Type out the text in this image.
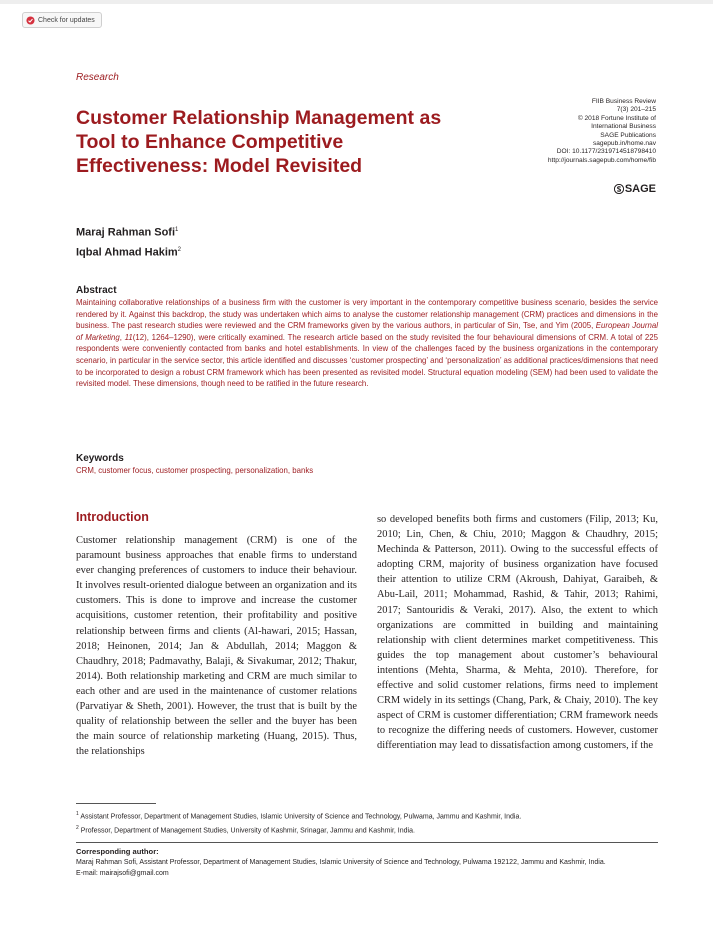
Check for updates
Research
Customer Relationship Management as Tool to Enhance Competitive Effectiveness: Model Revisited
FIIB Business Review
7(3) 201–215
© 2018 Fortune Institute of
International Business
SAGE Publications
sagepub.in/home.nav
DOI: 10.1177/2319714518798410
http://journals.sagepub.com/home/fib
SAGE
Maraj Rahman Sofi$^1$
Iqbal Ahmad Hakim$^2$
Abstract

Maintaining collaborative relationships of a business firm with the customer is very important in the contemporary competitive business scenario, besides the service rendered by it. Against this backdrop, the study was undertaken which aims to analyse the customer relationship management (CRM) practices and dimensions in the business. The past research studies were reviewed and the CRM frameworks given by the various authors, in particular of Sin, Tse, and Yim (2005, European Journal of Marketing, 11(12), 1264–1290), were critically examined. The research article based on the study revisited the four behavioural dimensions of CRM. A total of 225 respondents were conveniently contacted from banks and hotel establishments. In view of the challenges faced by the business organizations in the contemporary scenario, in particular in the service sector, this article identified and discusses ‘customer prospecting’ and ‘personalization’ as additional practices/dimensions that need to be incorporated to design a robust CRM framework which has been presented as revisited model. Structural equation modeling (SEM) had been used to validate the revisited model. These dimensions, though need to be ratified in the future research.

Keywords

CRM, customer focus, customer prospecting, personalization, banks

Introduction

Customer relationship management (CRM) is one of the paramount business approaches that enable firms to understand ever changing preferences of customers to induce their behaviour. It involves result-oriented dialogue between an organization and its customers. This is done to improve and increase the customer acquisitions, customer retention, their profitability and positive relationship between firms and clients (Al-hawari, 2015; Hassan, 2018; Heinonen, 2014; Jan & Abdullah, 2014; Maggon & Chaudhry, 2018; Padmavathy, Balaji, & Sivakumar, 2012; Thakur, 2014). Both relationship marketing and CRM are much similar to each other and are used in the maintenance of customer relations (Parvatiyar & Sheth, 2001). However, the trust that is built by the quality of relationship between the seller and the buyer has been the main source of relationship marketing (Huang, 2015). Thus, the relationships

so developed benefits both firms and customers (Filip, 2013; Ku, 2010; Lin, Chen, & Chiu, 2010; Maggon & Chaudhry, 2015; Mechinda & Patterson, 2011). Owing to the successful effects of adopting CRM, majority of business organization have focused their attention to utilize CRM (Akroush, Dahiyat, Garaibeh, & Abu-Lail, 2011; Mohammad, Rashid, & Tahir, 2013; Rahimi, 2017; Santouridis & Veraki, 2017). Also, the extent to which organizations are committed in building and maintaining relationship with client determines market competitiveness. This guides the top management about customer’s behavioural intentions (Mehta, Sharma, & Mehta, 2010). Therefore, for effective and solid customer relations, firms need to implement CRM widely in its settings (Chang, Park, & Chaiy, 2010). The key aspect of CRM is customer differentiation; CRM framework needs to recognize the differing needs of customers. However, customer differentiation may lead to dissatisfaction among customers, if the
$^1$ Assistant Professor, Department of Management Studies, Islamic University of Science and Technology, Pulwama, Jammu and Kashmir, India.
$^2$ Professor, Department of Management Studies, University of Kashmir, Srinagar, Jammu and Kashmir, India.
Corresponding author:
Maraj Rahman Sofi, Assistant Professor, Department of Management Studies, Islamic University of Science and Technology, Pulwama 192122, Jammu and Kashmir, India.
E-mail: mairajsofi@gmail.com
